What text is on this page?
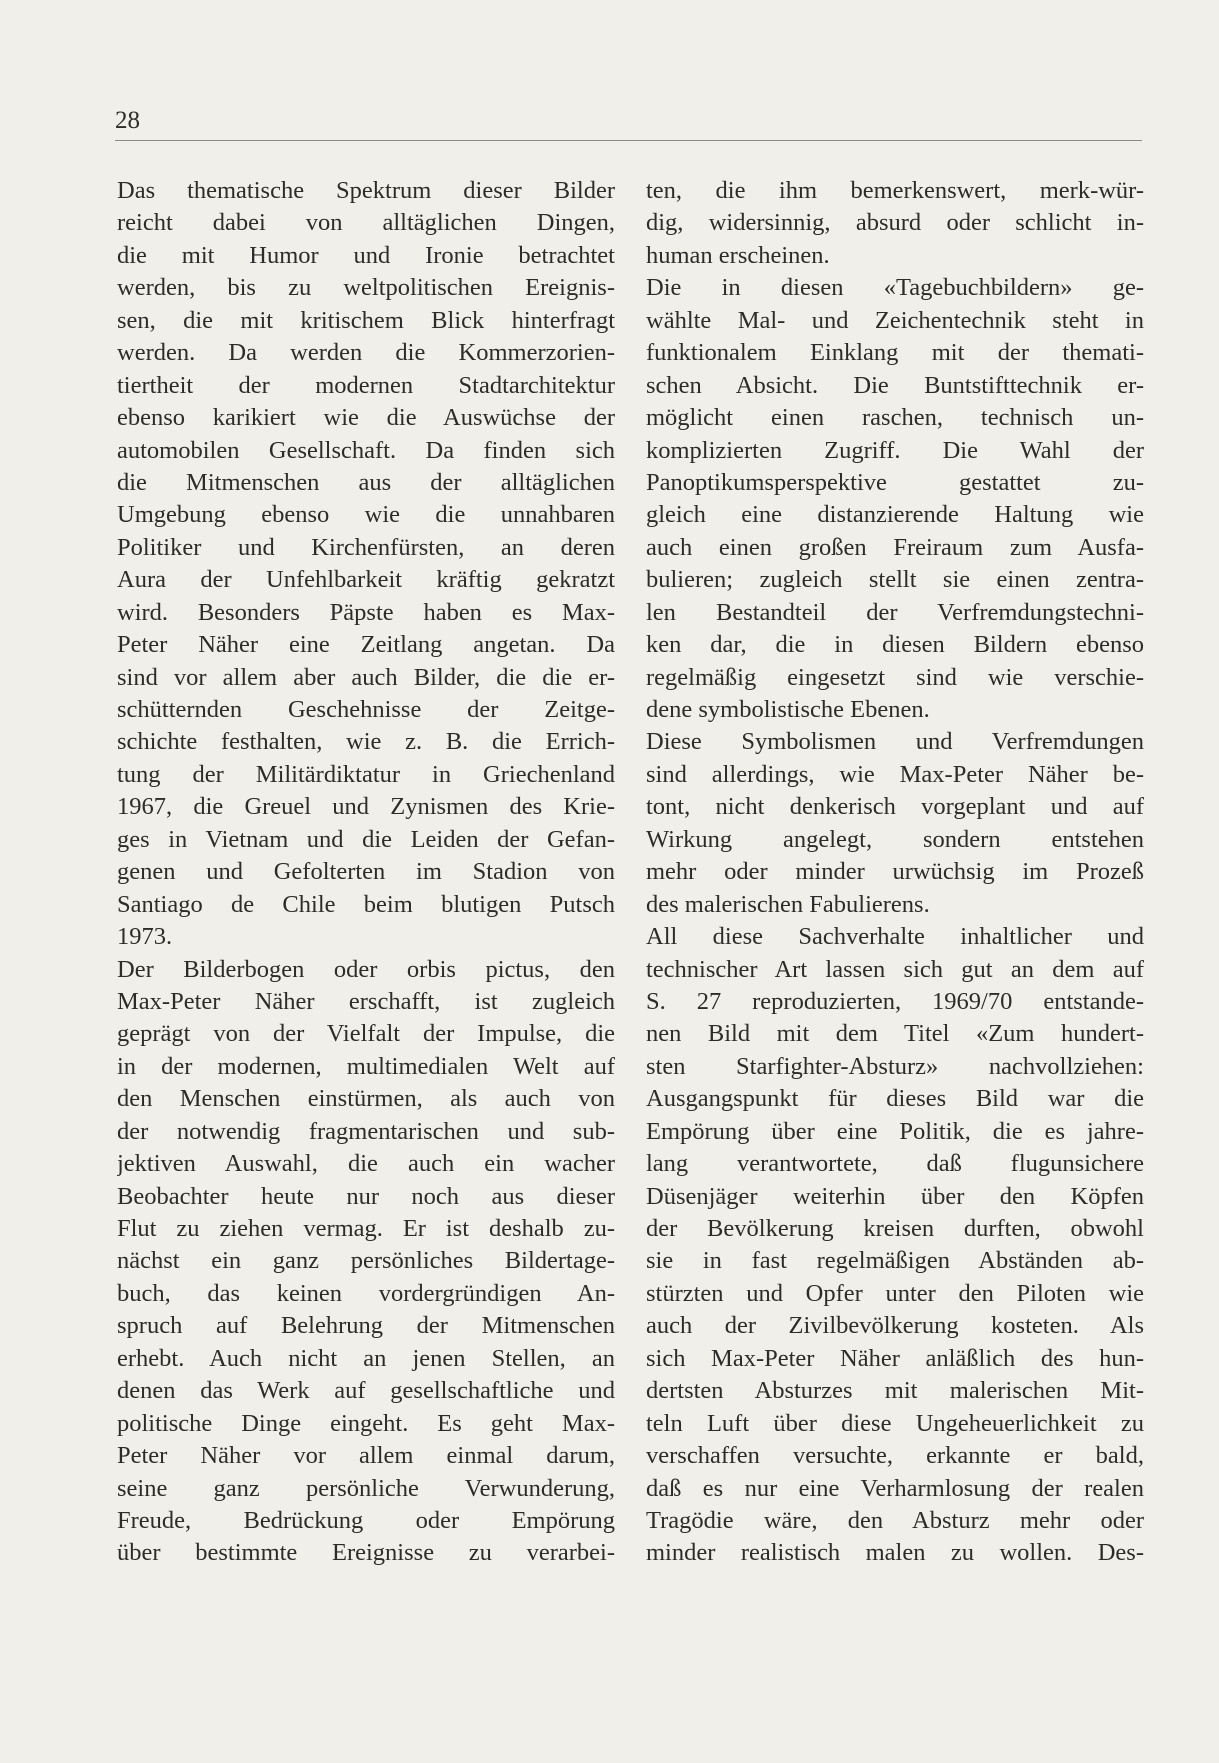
28
Das thematische Spektrum dieser Bilder
reicht dabei von alltäglichen Dingen,
die mit Humor und Ironie betrachtet
werden, bis zu weltpolitischen Ereignis-
sen, die mit kritischem Blick hinterfragt
werden. Da werden die Kommerzorien-
tiertheit der modernen Stadtarchitektur
ebenso karikiert wie die Auswüchse der
automobilen Gesellschaft. Da finden sich
die Mitmenschen aus der alltäglichen
Umgebung ebenso wie die unnahbaren
Politiker und Kirchenfürsten, an deren
Aura der Unfehlbarkeit kräftig gekratzt
wird. Besonders Päpste haben es Max-
Peter Näher eine Zeitlang angetan. Da
sind vor allem aber auch Bilder, die die er-
schütternden Geschehnisse der Zeitge-
schichte festhalten, wie z. B. die Errich-
tung der Militärdiktatur in Griechenland
1967, die Greuel und Zynismen des Krie-
ges in Vietnam und die Leiden der Gefan-
genen und Gefolterten im Stadion von
Santiago de Chile beim blutigen Putsch
1973.
Der Bilderbogen oder orbis pictus, den
Max-Peter Näher erschafft, ist zugleich
geprägt von der Vielfalt der Impulse, die
in der modernen, multimedialen Welt auf
den Menschen einstürmen, als auch von
der notwendig fragmentarischen und sub-
jektiven Auswahl, die auch ein wacher
Beobachter heute nur noch aus dieser
Flut zu ziehen vermag. Er ist deshalb zu-
nächst ein ganz persönliches Bildertage-
buch, das keinen vordergründigen An-
spruch auf Belehrung der Mitmenschen
erhebt. Auch nicht an jenen Stellen, an
denen das Werk auf gesellschaftliche und
politische Dinge eingeht. Es geht Max-
Peter Näher vor allem einmal darum,
seine ganz persönliche Verwunderung,
Freude, Bedrückung oder Empörung
über bestimmte Ereignisse zu verarbei-
ten, die ihm bemerkenswert, merk-wür-
dig, widersinnig, absurd oder schlicht in-
human erscheinen.
Die in diesen «Tagebuchbildern» ge-
wählte Mal- und Zeichentechnik steht in
funktionalem Einklang mit der themati-
schen Absicht. Die Buntstifttechnik er-
möglicht einen raschen, technisch un-
komplizierten Zugriff. Die Wahl der
Panoptikumsperspektive gestattet zu-
gleich eine distanzierende Haltung wie
auch einen großen Freiraum zum Ausfa-
bulieren; zugleich stellt sie einen zentra-
len Bestandteil der Verfremdungstechni-
ken dar, die in diesen Bildern ebenso
regelmäßig eingesetzt sind wie verschie-
dene symbolistische Ebenen.
Diese Symbolismen und Verfremdungen
sind allerdings, wie Max-Peter Näher be-
tont, nicht denkerisch vorgeplant und auf
Wirkung angelegt, sondern entstehen
mehr oder minder urwüchsig im Prozeß
des malerischen Fabulierens.
All diese Sachverhalte inhaltlicher und
technischer Art lassen sich gut an dem auf
S. 27 reproduzierten, 1969/70 entstande-
nen Bild mit dem Titel «Zum hundert-
sten Starfighter-Absturz» nachvollziehen:
Ausgangspunkt für dieses Bild war die
Empörung über eine Politik, die es jahre-
lang verantwortete, daß flugunsichere
Düsenjäger weiterhin über den Köpfen
der Bevölkerung kreisen durften, obwohl
sie in fast regelmäßigen Abständen ab-
stürzten und Opfer unter den Piloten wie
auch der Zivilbevölkerung kosteten. Als
sich Max-Peter Näher anläßlich des hun-
dertsten Absturzes mit malerischen Mit-
teln Luft über diese Ungeheuerlichkeit zu
verschaffen versuchte, erkannte er bald,
daß es nur eine Verharmlosung der realen
Tragödie wäre, den Absturz mehr oder
minder realistisch malen zu wollen. Des-
